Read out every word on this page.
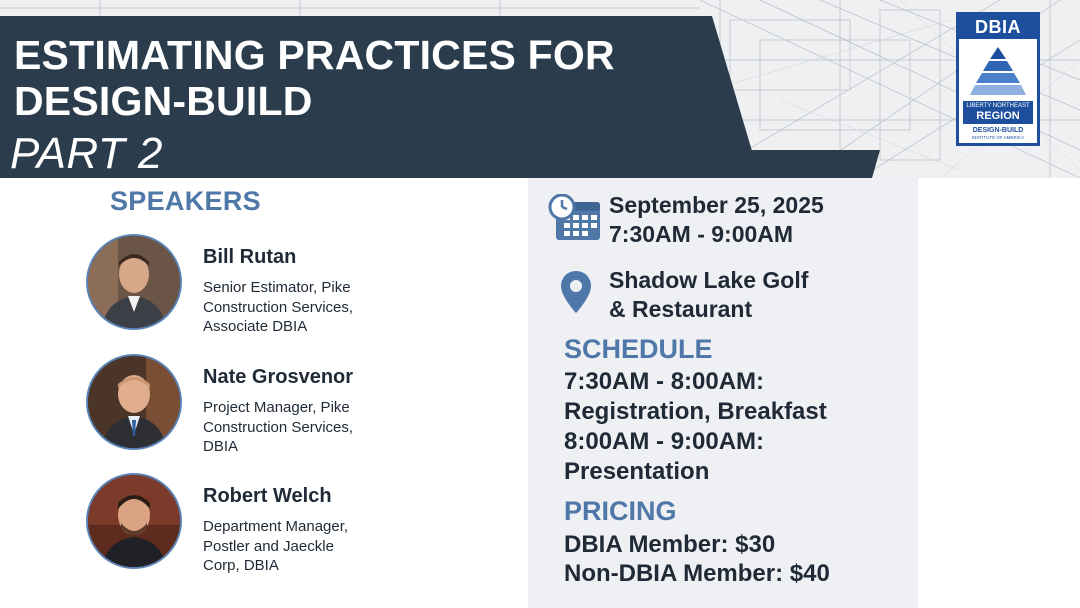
ESTIMATING PRACTICES FOR
DESIGN-BUILD
PART 2
DBIA
LIBERTY NORTHEAST
REGION
DESIGN-BUILD
INSTITUTE OF AMERICA
SPEAKERS
Bill Rutan
Senior Estimator, Pike Construction Services, Associate DBIA
Nate Grosvenor
Project Manager, Pike Construction Services, DBIA
Robert Welch
Department Manager, Postler and Jaeckle Corp, DBIA
September 25, 2025
7:30AM - 9:00AM
Shadow Lake Golf
& Restaurant
SCHEDULE
7:30AM - 8:00AM:
Registration, Breakfast
8:00AM - 9:00AM:
Presentation
PRICING
DBIA Member: $30
Non-DBIA Member: $40
